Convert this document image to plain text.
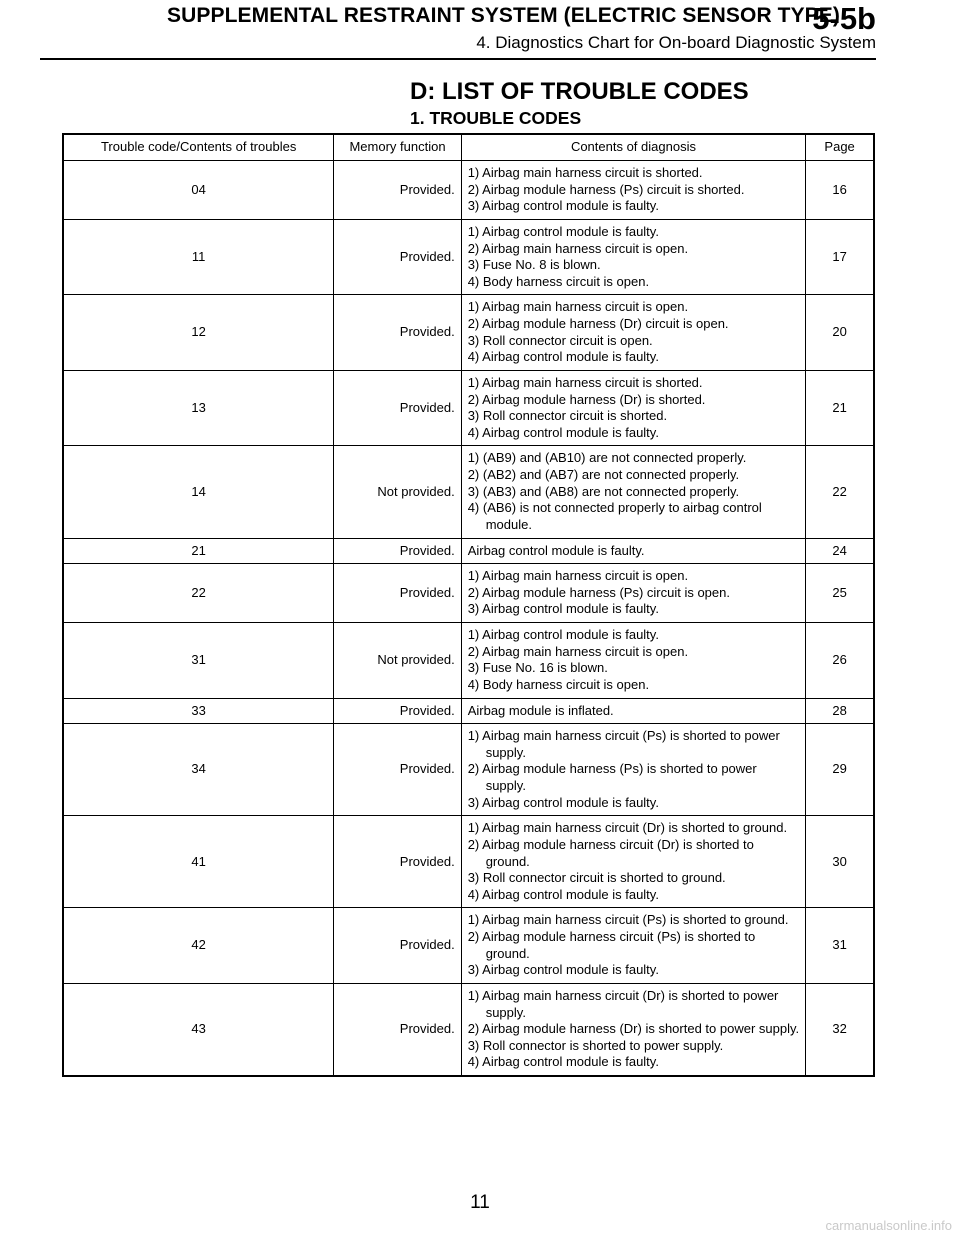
SUPPLEMENTAL RESTRAINT SYSTEM (ELECTRIC SENSOR TYPE)
5-5b
4. Diagnostics Chart for On-board Diagnostic System
D: LIST OF TROUBLE CODES
1. TROUBLE CODES
Trouble code/Contents of troubles	Memory function	Contents of diagnosis	Page
04	Provided.	1) Airbag main harness circuit is shorted.
2) Airbag module harness (Ps) circuit is shorted.
3) Airbag control module is faulty.	16
11	Provided.	1) Airbag control module is faulty.
2) Airbag main harness circuit is open.
3) Fuse No. 8 is blown.
4) Body harness circuit is open.	17
12	Provided.	1) Airbag main harness circuit is open.
2) Airbag module harness (Dr) circuit is open.
3) Roll connector circuit is open.
4) Airbag control module is faulty.	20
13	Provided.	1) Airbag main harness circuit is shorted.
2) Airbag module harness (Dr) is shorted.
3) Roll connector circuit is shorted.
4) Airbag control module is faulty.	21
14	Not provided.	1) (AB9) and (AB10) are not connected properly.
2) (AB2) and (AB7) are not connected properly.
3) (AB3) and (AB8) are not connected properly.
4) (AB6) is not connected properly to airbag control module.	22
21	Provided.	Airbag control module is faulty.	24
22	Provided.	1) Airbag main harness circuit is open.
2) Airbag module harness (Ps) circuit is open.
3) Airbag control module is faulty.	25
31	Not provided.	1) Airbag control module is faulty.
2) Airbag main harness circuit is open.
3) Fuse No. 16 is blown.
4) Body harness circuit is open.	26
33	Provided.	Airbag module is inflated.	28
34	Provided.	1) Airbag main harness circuit (Ps) is shorted to power supply.
2) Airbag module harness (Ps) is shorted to power supply.
3) Airbag control module is faulty.	29
41	Provided.	1) Airbag main harness circuit (Dr) is shorted to ground.
2) Airbag module harness circuit (Dr) is shorted to ground.
3) Roll connector circuit is shorted to ground.
4) Airbag control module is faulty.	30
42	Provided.	1) Airbag main harness circuit (Ps) is shorted to ground.
2) Airbag module harness circuit (Ps) is shorted to ground.
3) Airbag control module is faulty.	31
43	Provided.	1) Airbag main harness circuit (Dr) is shorted to power supply.
2) Airbag module harness (Dr) is shorted to power supply.
3) Roll connector is shorted to power supply.
4) Airbag control module is faulty.	32
11
carmanualsonline.info
